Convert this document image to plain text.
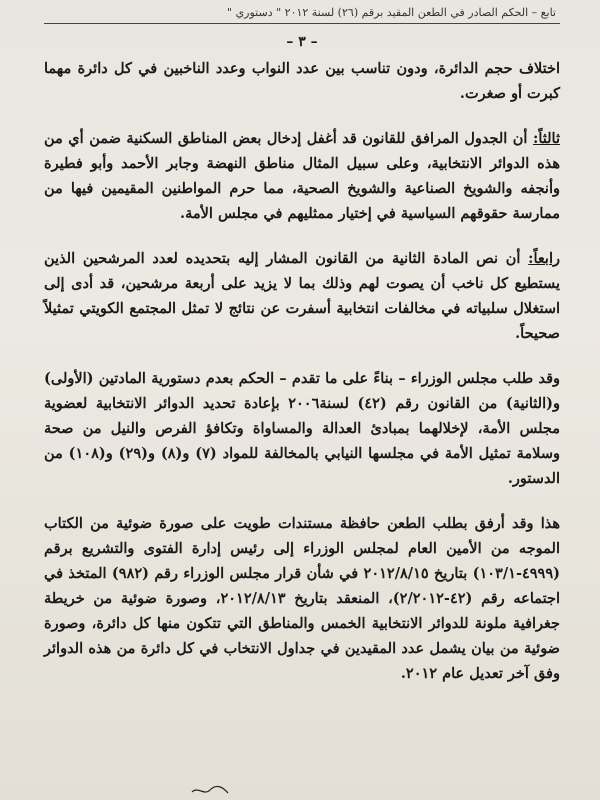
تابع – الحكم الصادر في الطعن المقيد برقم (٢٦) لسنة ٢٠١٢ " دستوري "
– ٣ –

اختلاف حجم الدائرة، ودون تناسب بين عدد النواب وعدد الناخبين في كل دائرة مهما كبرت أو صغرت.

ثالثاً: أن الجدول المرافق للقانون قد أغفل إدخال بعض المناطق السكنية ضمن أي من هذه الدوائر الانتخابية، وعلى سبيل المثال مناطق النهضة وجابر الأحمد وأبو فطيرة وأنجفه والشويخ الصناعية والشويخ الصحية، مما حرم المواطنين المقيمين فيها من ممارسة حقوقهم السياسية في إختيار ممثليهم في مجلس الأمة.

رابعاً: أن نص المادة الثانية من القانون المشار إليه بتحديده لعدد المرشحين الذين يستطيع كل ناخب أن يصوت لهم وذلك بما لا يزيد على أربعة مرشحين، قد أدى إلى استغلال سلبياته في مخالفات انتخابية أسفرت عن نتائج لا تمثل المجتمع الكويتي تمثيلاً صحيحاً.

وقد طلب مجلس الوزراء – بناءً على ما تقدم – الحكم بعدم دستورية المادتين (الأولى) و(الثانية) من القانون رقم (٤٢) لسنة٢٠٠٦ بإعادة تحديد الدوائر الانتخابية لعضوية مجلس الأمة، لإخلالهما بمبادئ العدالة والمساواة وتكافؤ الفرص والنيل من صحة وسلامة تمثيل الأمة في مجلسها النيابي بالمخالفة للمواد (٧) و(٨) و(٢٩) و(١٠٨) من الدستور.

هذا وقد أرفق بطلب الطعن حافظة مستندات طويت على صورة ضوئية من الكتاب الموجه من الأمين العام لمجلس الوزراء إلى رئيس إدارة الفتوى والتشريع برقم (٤٩٩٩-١٠٣/١) بتاريخ ٢٠١٢/٨/١٥ في شأن قرار مجلس الوزراء رقم (٩٨٢) المتخذ في اجتماعه رقم (٤٢-٢/٢٠١٢)، المنعقد بتاريخ ٢٠١٢/٨/١٣، وصورة ضوئية من خريطة جغرافية ملونة للدوائر الانتخابية الخمس والمناطق التي تتكون منها كل دائرة، وصورة ضوئية من بيان يشمل عدد المقيدين في جداول الانتخاب في كل دائرة من هذه الدوائر وفق آخر تعديل عام ٢٠١٢.
